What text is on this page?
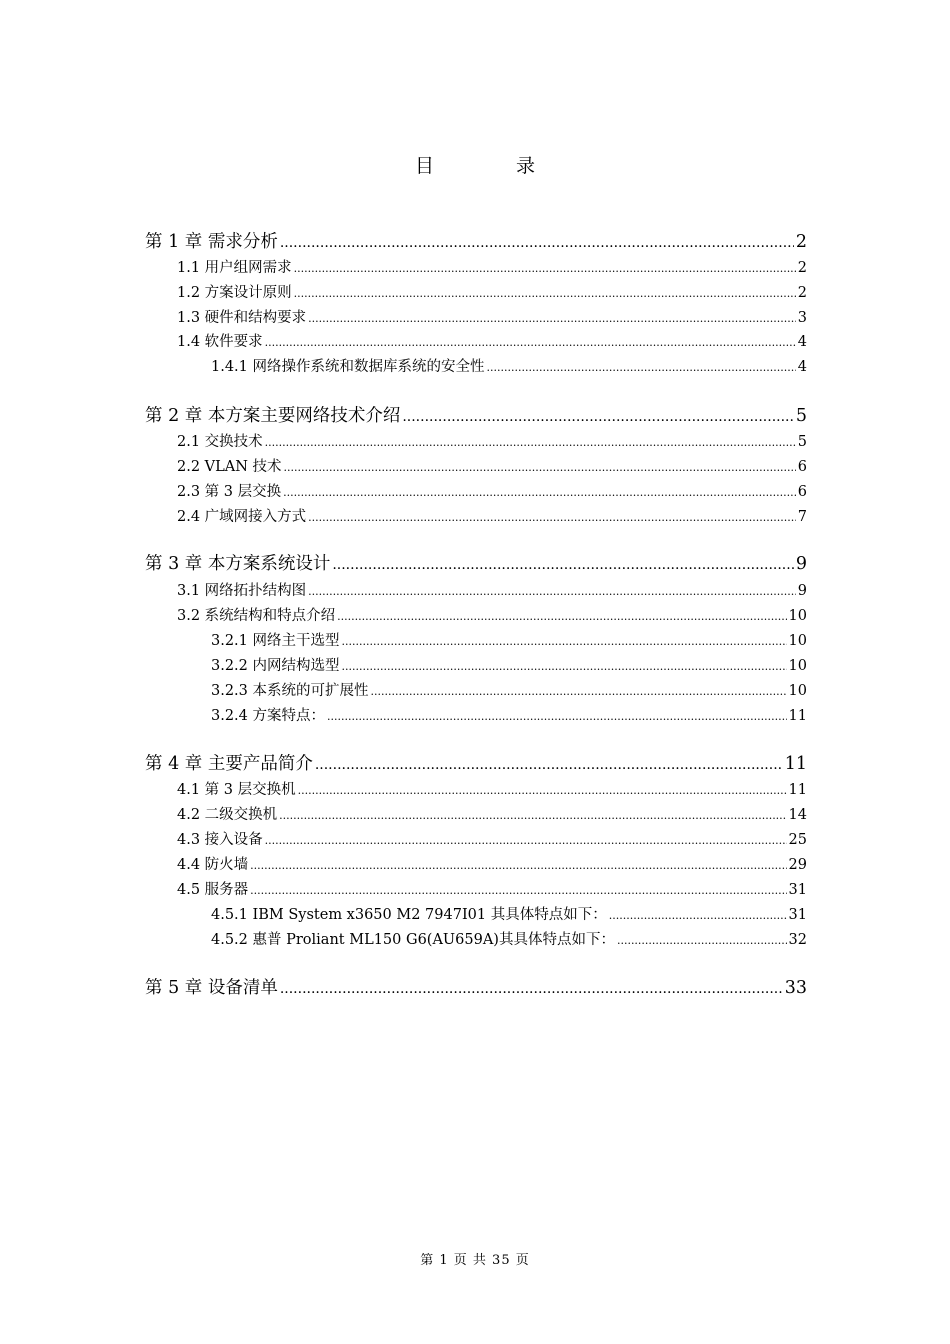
目 录
第 1 章 需求分析 .....	2
1.1 用户组网需求 .....	2
1.2 方案设计原则 .....	2
1.3 硬件和结构要求 .....	3
1.4 软件要求 .....	4
1.4.1 网络操作系统和数据库系统的安全性 .....	4
第 2 章 本方案主要网络技术介绍 .....	5
2.1 交换技术 .....	5
2.2 VLAN 技术 .....	6
2.3 第 3 层交换 .....	6
2.4 广域网接入方式 .....	7
第 3 章 本方案系统设计 .....	9
3.1 网络拓扑结构图 .....	9
3.2 系统结构和特点介绍 .....	10
3.2.1 网络主干选型 .....	10
3.2.2 内网结构选型 .....	10
3.2.3 本系统的可扩展性 .....	10
3.2.4 方案特点： .....	11
第 4 章 主要产品简介 .....	11
4.1 第 3 层交换机 .....	11
4.2 二级交换机 .....	14
4.3 接入设备 .....	25
4.4 防火墙 .....	29
4.5 服务器 .....	31
4.5.1 IBM System x3650 M2 7947I01 其具体特点如下： .....	31
4.5.2 惠普 Proliant ML150 G6(AU659A)其具体特点如下： .....	32
第 5 章 设备清单 .....	33
第 1 页 共 35 页
